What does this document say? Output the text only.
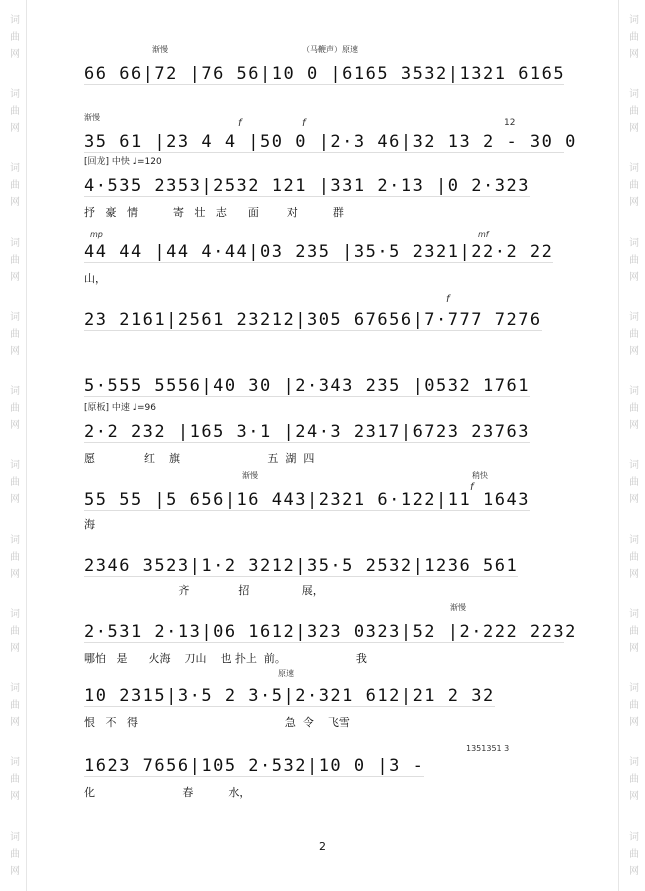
词 曲 网
词 曲 网
词 曲 网
词 曲 网
词 曲 网
词 曲 网
词 曲 网
词 曲 网
词 曲 网
词 曲 网
词 曲 网
词 曲 网
词 曲 网
词 曲 网
词 曲 网
词 曲 网
词 曲 网
词 曲 网
词 曲 网
词 曲 网
词 曲 网
词 曲 网
词 曲 网
词 曲 网
渐慢	（马鞭声）原速
66 66|72 |76 56|10 0 |6165 3532|1321 6165
渐慢
f	f	12
35 61 |23 4 4 |50 0 |2·3 46|32 13 2 - 30 0
[回龙] 中快 ♩=120
4·535 2353|2532 121 |331 2·13 |0 2·323
抒   豪   情          寄   壮   志      面        对          群
mp	mf
44 44 |44 4·44|03 235 |35·5 2321|22·2 22
山，
f
23 2161|2561 23212|305 67656|7·777 7276
5·555 5556|40 30 |2·343 235 |0532 1761
[原板] 中速 ♩=96
2·2 232 |165 3·1 |24·3 2317|6723 23763
愿              红    旗                         五  湖  四
渐慢	稍快
f
55 55 |5 656|16 443|2321 6·122|11 1643
海
2346 3523|1·2 3212|35·5 2532|1236 561
齐              招               展，
渐慢
2·531 2·13|06 1612|323 0323|52 |2·222 2232
哪怕   是      火海    刀山    也 扑上  前。                    我
原速
10 2315|3·5 2 3·5|2·321 612|21 2 32
恨   不   得                                          急  令    飞雪
1351351 3
1623 7656|105 2·532|10 0 |3 -
化                         春          水，
2
